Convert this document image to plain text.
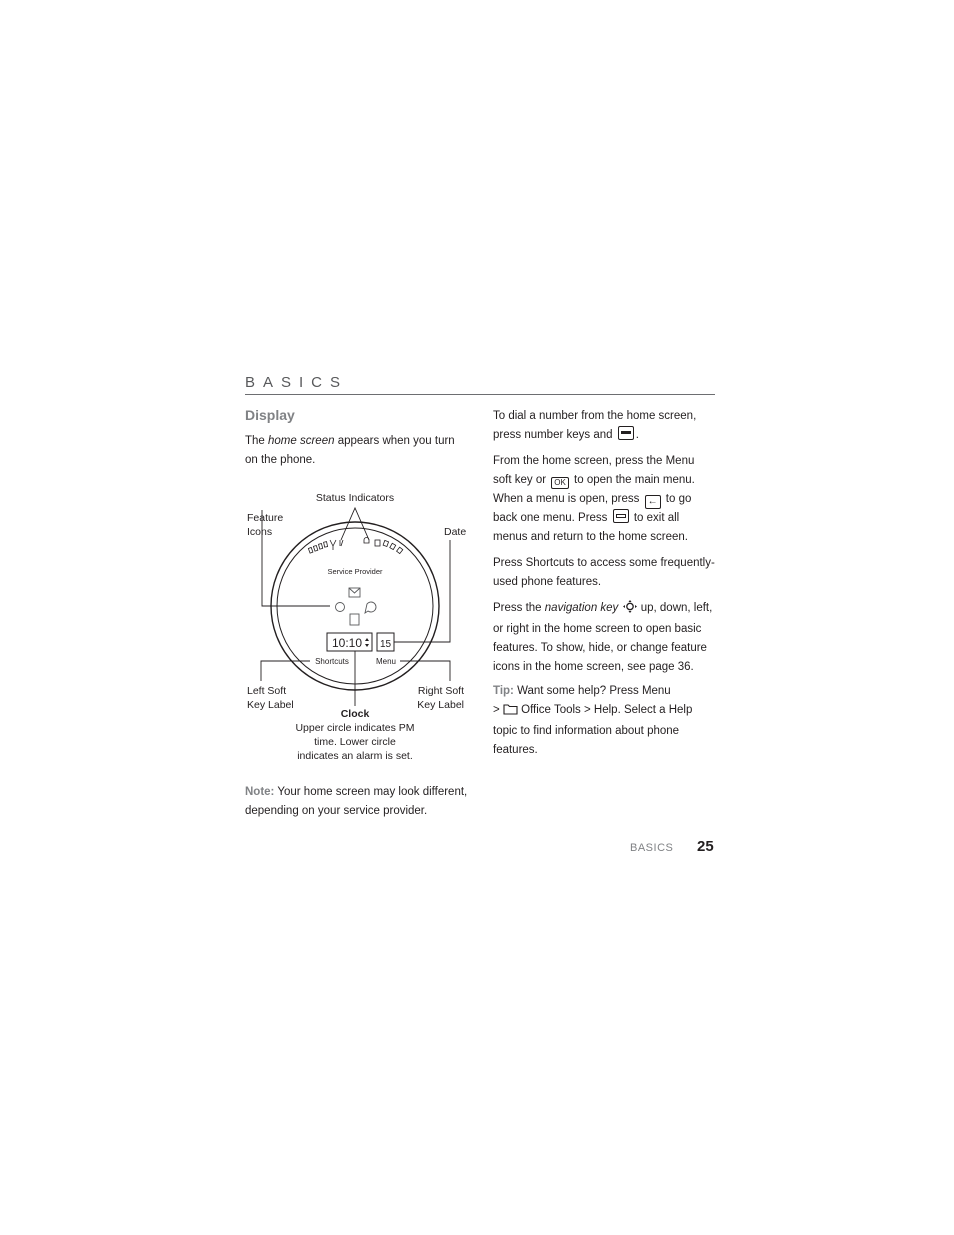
BASICS
Display
The home screen appears when you turn on the phone.
Service Provider
10:10 15
Shortcuts	Menu
Status Indicators
Feature
Icons	Date
Left Soft
Key Label
Right Soft
Key Label
Clock
Upper circle indicates PM
time. Lower circle
indicates an alarm is set.
Note: Your home screen may look different, depending on your service provider.
To dial a number from the home screen, press number keys and .
From the home screen, press the Menu soft key or OK to open the main menu. When a menu is open, press ← to go back one menu. Press to exit all menus and return to the home screen.
Press Shortcuts to access some frequently-used phone features.
Press the navigation key up, down, left, or right in the home screen to open basic features. To show, hide, or change feature icons in the home screen, see page 36.
Tip: Want some help? Press Menu
> Office Tools > Help. Select a Help topic to find information about phone features.
BASICS 25
